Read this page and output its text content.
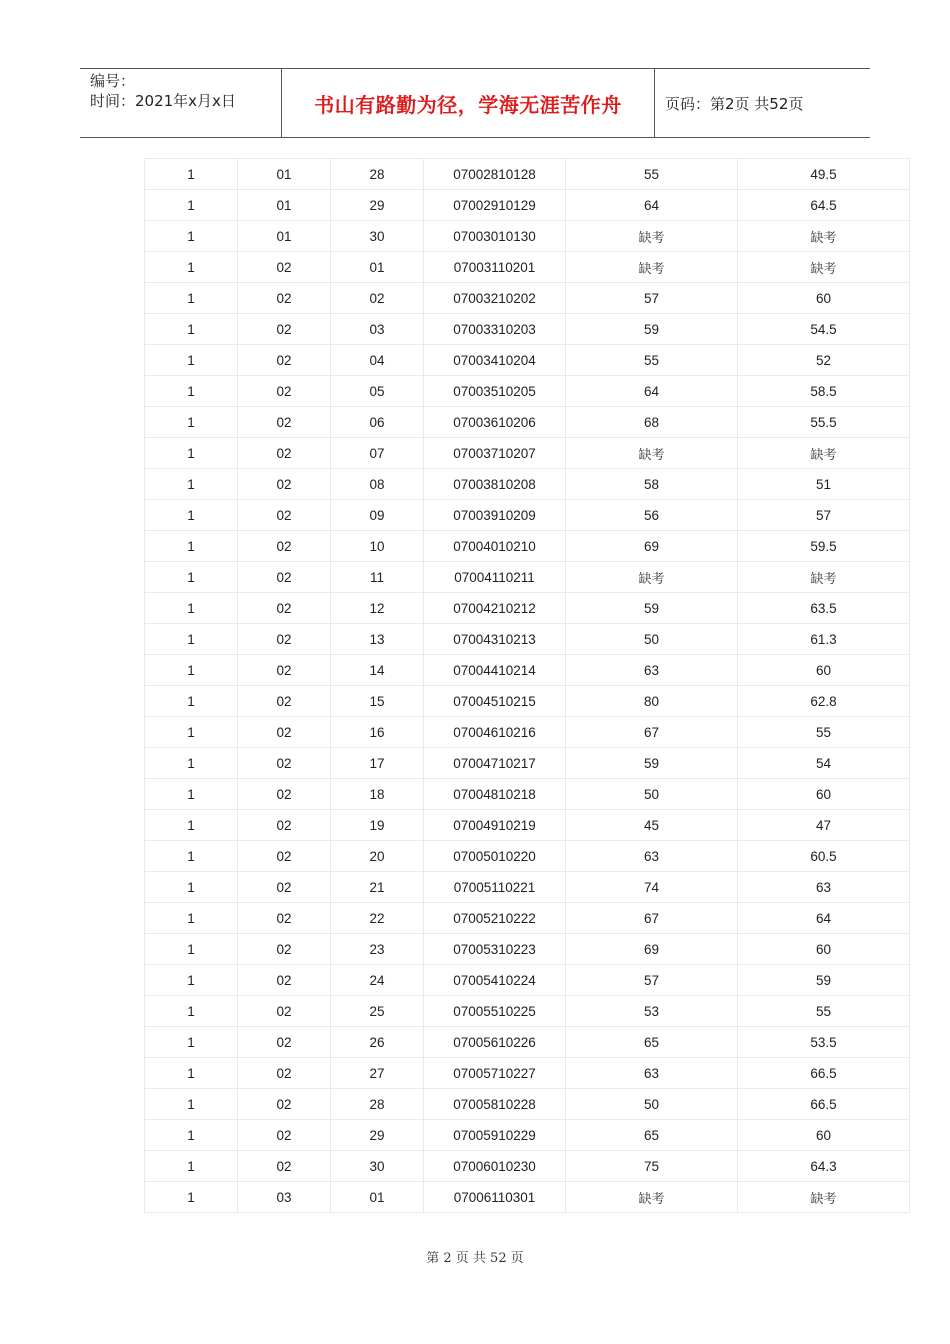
编号：
时间：2021年x月x日	书山有路勤为径，学海无涯苦作舟	页码：第2页 共52页
1	01	28	07002810128	55	49.5
1	01	29	07002910129	64	64.5
1	01	30	07003010130	缺考	缺考
1	02	01	07003110201	缺考	缺考
1	02	02	07003210202	57	60
1	02	03	07003310203	59	54.5
1	02	04	07003410204	55	52
1	02	05	07003510205	64	58.5
1	02	06	07003610206	68	55.5
1	02	07	07003710207	缺考	缺考
1	02	08	07003810208	58	51
1	02	09	07003910209	56	57
1	02	10	07004010210	69	59.5
1	02	11	07004110211	缺考	缺考
1	02	12	07004210212	59	63.5
1	02	13	07004310213	50	61.3
1	02	14	07004410214	63	60
1	02	15	07004510215	80	62.8
1	02	16	07004610216	67	55
1	02	17	07004710217	59	54
1	02	18	07004810218	50	60
1	02	19	07004910219	45	47
1	02	20	07005010220	63	60.5
1	02	21	07005110221	74	63
1	02	22	07005210222	67	64
1	02	23	07005310223	69	60
1	02	24	07005410224	57	59
1	02	25	07005510225	53	55
1	02	26	07005610226	65	53.5
1	02	27	07005710227	63	66.5
1	02	28	07005810228	50	66.5
1	02	29	07005910229	65	60
1	02	30	07006010230	75	64.3
1	03	01	07006110301	缺考	缺考
第 2 页 共 52 页
